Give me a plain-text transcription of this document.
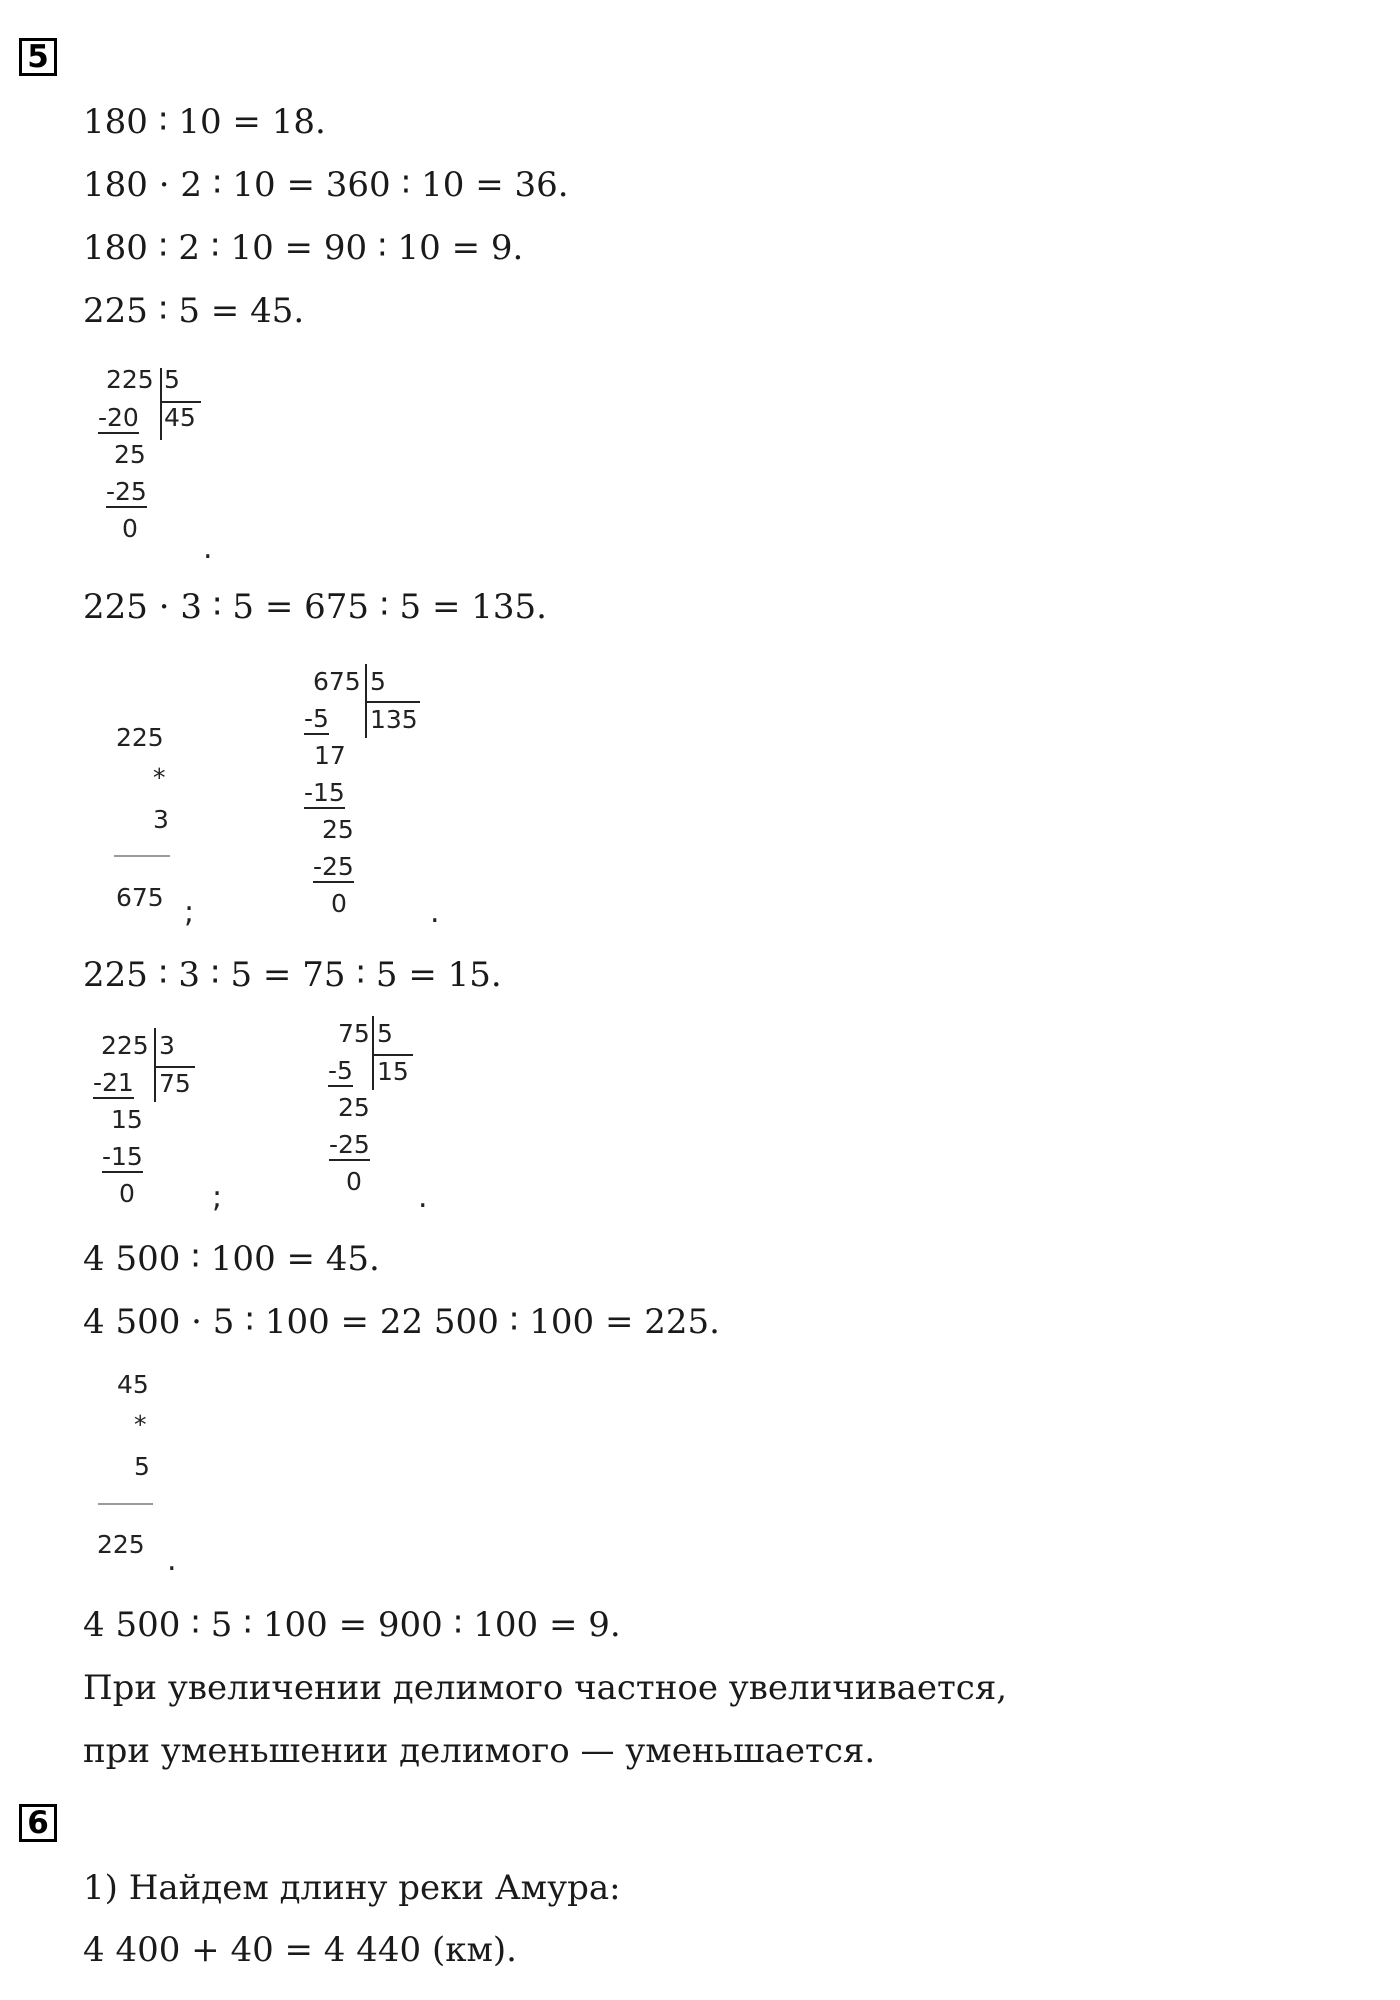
5
180 ∶ 10 = 18.
180 · 2 ∶ 10 = 360 ∶ 10 = 36.
180 ∶ 2 ∶ 10 = 90 ∶ 10 = 9.
225 ∶ 5 = 45.
225 5
45
-20
25
-25
0
.
225 · 3 ∶ 5 = 675 ∶ 5 = 135.
225
*
3
675 ;
675 5
135
-5
17
-15
25
-25
0	.
225 ∶ 3 ∶ 5 = 75 ∶ 5 = 15.
225 3
75
-21
15
-15
0	;
75 5
15
-5
25
-25
0 .
4 500 ∶ 100 = 45.
4 500 · 5 ∶ 100 = 22 500 ∶ 100 = 225.
45
*
5
225 .
4 500 ∶ 5 ∶ 100 = 900 ∶ 100 = 9.
При увеличении делимого частное увеличивается,
при уменьшении делимого — уменьшается.
6
1) Найдем длину реки Амура:
4 400 + 40 = 4 440 (км).
